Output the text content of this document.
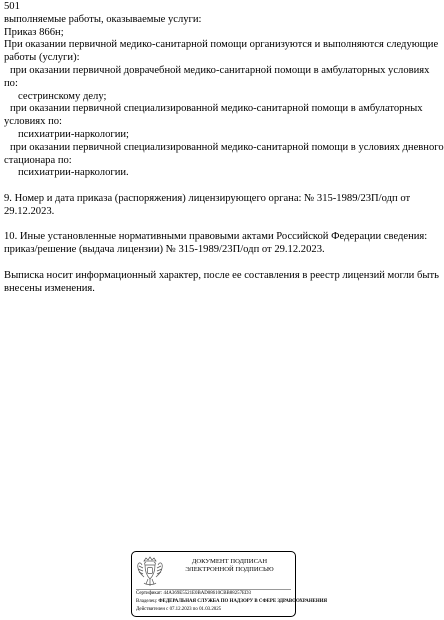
501
выполняемые работы, оказываемые услуги:
Приказ 866н;
При оказании первичной медико-санитарной помощи организуются и выполняются следующие
работы (услуги):
при оказании первичной доврачебной медико-санитарной помощи в амбулаторных условиях
по:
сестринскому делу;
при оказании первичной специализированной медико-санитарной помощи в амбулаторных
условиях по:
психиатрии-наркологии;
при оказании первичной специализированной медико-санитарной помощи в условиях дневного
стационара по:
психиатрии-наркологии.
9. Номер и дата приказа (распоряжения) лицензирующего органа: № 315-1989/23П/одп от
29.12.2023.
10. Иные установленные нормативными правовыми актами Российской Федерации сведения:
приказ/решение (выдача лицензии) № 315-1989/23П/одп от 29.12.2023.
Выписка носит информационный характер, после ее составления в реестр лицензий могли быть
внесены изменения.
ДОКУМЕНТ ПОДПИСАН
ЭЛЕКТРОННОЙ ПОДПИСЬЮ
Сертификат: 44A369E5521E0BAD08610CBB88257ED3
Владелец: ФЕДЕРАЛЬНАЯ СЛУЖБА ПО НАДЗОРУ В СФЕРЕ ЗДРАВООХРАНЕНИЯ
Действителен с 07.12.2023 по 01.03.2025
